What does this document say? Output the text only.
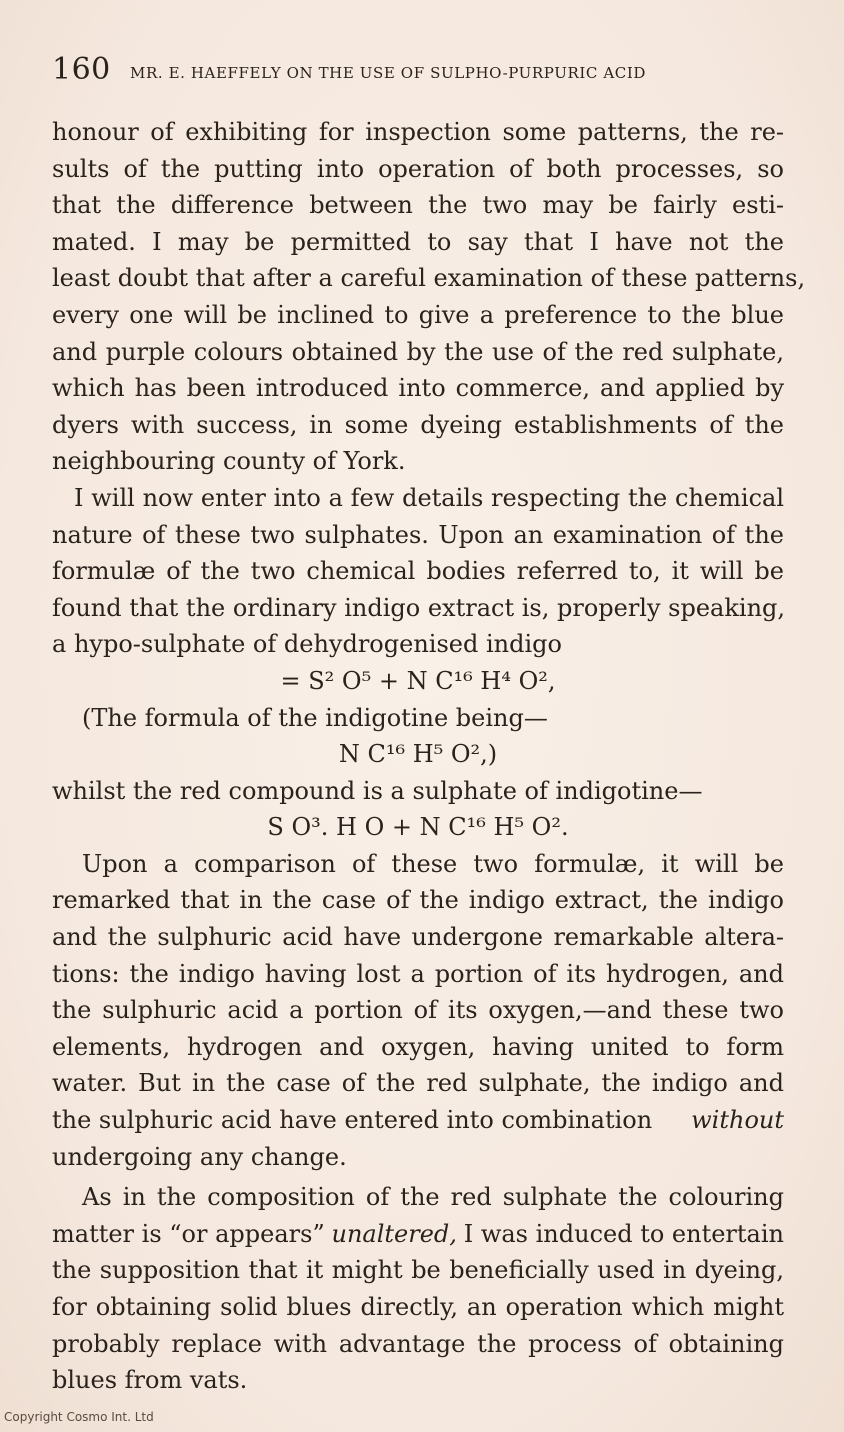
160 MR. E. HAEFFELY ON THE USE OF SULPHO-PURPURIC ACID
honour of exhibiting for inspection some patterns, the re-
sults of the putting into operation of both processes, so
that the difference between the two may be fairly esti-
mated. I may be permitted to say that I have not the
least doubt that after a careful examination of these patterns,
every one will be inclined to give a preference to the blue
and purple colours obtained by the use of the red sulphate,
which has been introduced into commerce, and applied by
dyers with success, in some dyeing establishments of the
neighbouring county of York.
I will now enter into a few details respecting the chemical
nature of these two sulphates. Upon an examination of the
formulæ of the two chemical bodies referred to, it will be
found that the ordinary indigo extract is, properly speaking,
a hypo-sulphate of dehydrogenised indigo
= S² O⁵ + N C¹⁶ H⁴ O²,
(The formula of the indigotine being—
N C¹⁶ H⁵ O²,)
whilst the red compound is a sulphate of indigotine—
S O³. H O + N C¹⁶ H⁵ O².
Upon a comparison of these two formulæ, it will be
remarked that in the case of the indigo extract, the indigo
and the sulphuric acid have undergone remarkable altera-
tions: the indigo having lost a portion of its hydrogen, and
the sulphuric acid a portion of its oxygen,—and these two
elements, hydrogen and oxygen, having united to form
water. But in the case of the red sulphate, the indigo and
the sulphuric acid have entered into combination without
undergoing any change.
As in the composition of the red sulphate the colouring
matter is “or appears” unaltered, I was induced to entertain
the supposition that it might be beneficially used in dyeing,
for obtaining solid blues directly, an operation which might
probably replace with advantage the process of obtaining
blues from vats.
Copyright Cosmo Int. Ltd
